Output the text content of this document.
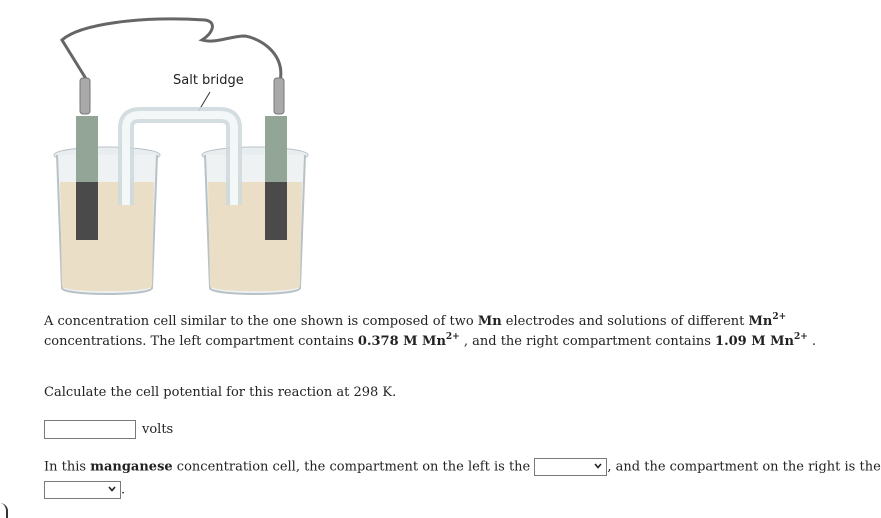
Salt bridge
A concentration cell similar to the one shown is composed of two Mn electrodes and solutions of different $Mn^{2+}$
concentrations. The left compartment contains 0.378 M $Mn^{2+}$ , and the right compartment contains 1.09 M $Mn^{2+}$ .
Calculate the cell potential for this reaction at 298 K.
volts
In this manganese concentration cell, the compartment on the left is the	, and the compartment on the right is the
.
